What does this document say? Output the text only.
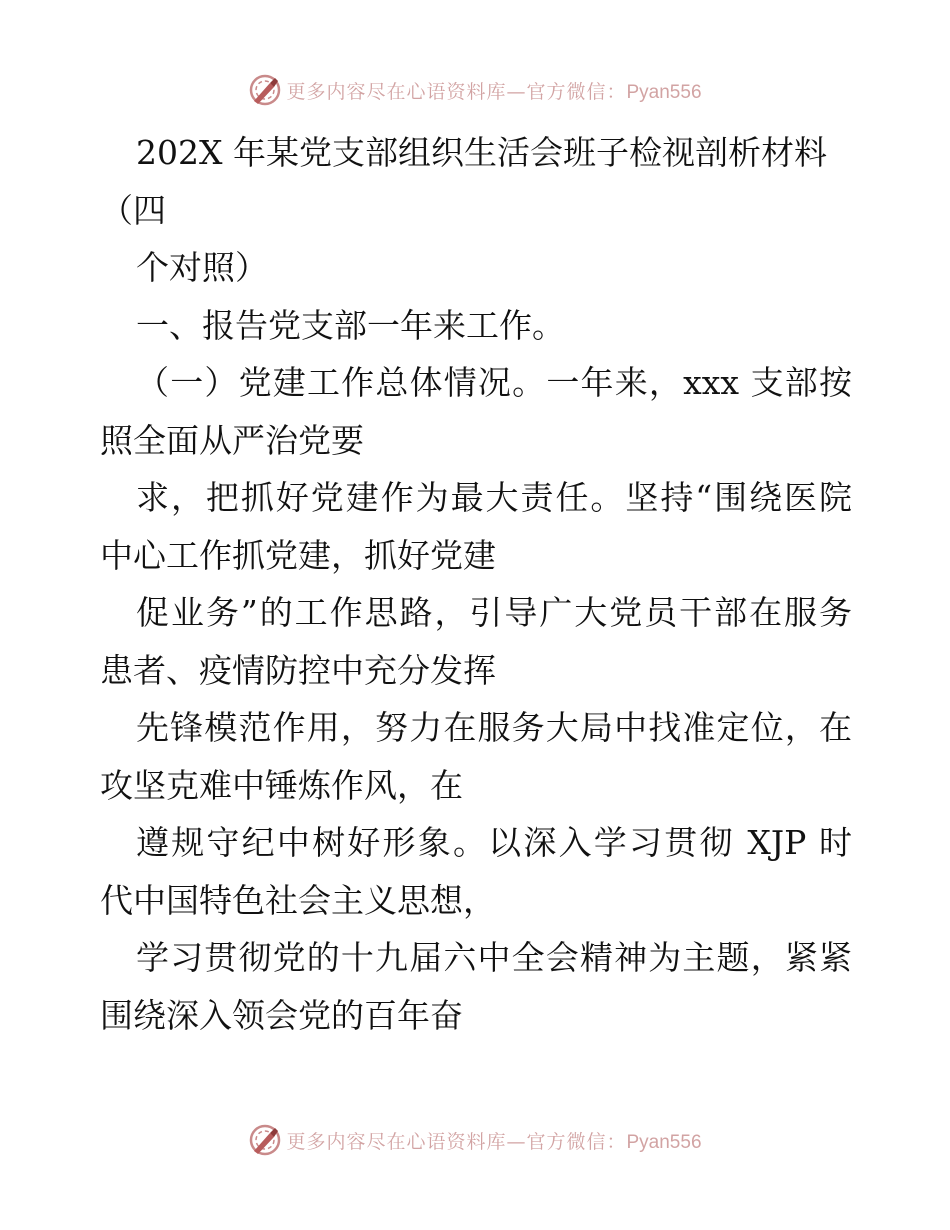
更多内容尽在心语资料库—官方微信：Pyan556
202X 年某党支部组织生活会班子检视剖析材料
（四
个对照）
一、报告党支部一年来工作。
（一）党建工作总体情况。一年来，xxx 支部按
照全面从严治党要
求，把抓好党建作为最大责任。坚持“围绕医院
中心工作抓党建，抓好党建
促业务”的工作思路，引导广大党员干部在服务
患者、疫情防控中充分发挥
先锋模范作用，努力在服务大局中找准定位，在
攻坚克难中锤炼作风，在
遵规守纪中树好形象。以深入学习贯彻 XJP 时
代中国特色社会主义思想，
学习贯彻党的十九届六中全会精神为主题，紧紧
围绕深入领会党的百年奋
更多内容尽在心语资料库—官方微信：Pyan556
